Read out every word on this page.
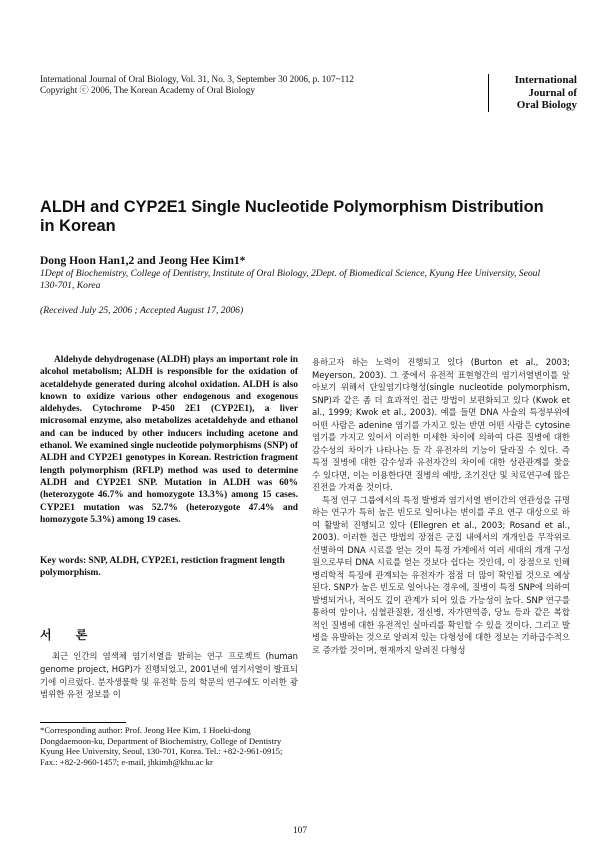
International Journal of Oral Biology, Vol. 31, No. 3, September 30 2006, p. 107~112
Copyright ⓒ 2006, The Korean Academy of Oral Biology
International
Journal of
Oral Biology
ALDH and CYP2E1 Single Nucleotide Polymorphism Distribution in Korean
Dong Hoon Han1,2 and Jeong Hee Kim1*
1Dept of Biochemistry, College of Dentistry, Institute of Oral Biology, 2Dept. of Biomedical Science, Kyung Hee University, Seoul 130-701, Korea
(Received July 25, 2006 ; Accepted August 17, 2006)
Aldehyde dehydrogenase (ALDH) plays an important role in alcohol metabolism; ALDH is responsible for the oxidation of acetaldehyde generated during alcohol oxidation. ALDH is also known to oxidize various other endogenous and exogenous aldehydes. Cytochrome P-450 2E1 (CYP2E1), a liver microsomal enzyme, also metabolizes acetaldehyde and ethanol and can be induced by other inducers including acetone and ethanol. We examined single nucleotide polymorphisms (SNP) of ALDH and CYP2E1 genotypes in Korean. Restriction fragment length polymorphism (RFLP) method was used to determine ALDH and CYP2E1 SNP. Mutation in ALDH was 60% (heterozygote 46.7% and homozygote 13.3%) among 15 cases. CYP2E1 mutation was 52.7% (heterozygote 47.4% and homozygote 5.3%) among 19 cases.
Key words: SNP, ALDH, CYP2E1, restiction fragment length polymorphism.
서 론
최근 인간의 염색체 염기서열을 밝히는 연구 프로젝트 (human genome project, HGP)가 진행되었고, 2001년에 염기서열이 발표되기에 이르렀다. 분자생물학 및 유전학 등의 학문의 연구에도 이러한 광범위한 유전 정보를 이
*Corresponding author: Prof. Jeong Hee Kim, 1 Hoeki-dong Dongdaemoon-ku, Department of Biochemistry, College of Dentistry Kyung Hee University, Seoul, 130-701, Korea. Tel.: +82-2-961-0915; Fax.: +82-2-960-1457; e-mail, jhkimh@khu.ac kr

용하고자 하는 노력이 진행되고 있다 (Burton et al., 2003; Meyerson, 2003). 그 중에서 유전적 표현형간의 염기서열변이를 알아보기 위해서 단일염기다형성(single nucleotide polymorphism, SNP)과 같은 좀 더 효과적인 접근 방법이 보편화되고 있다 (Kwok et al., 1999; Kwok et al., 2003). 예를 들면 DNA 사슬의 특정부위에 어떤 사람은 adenine 염기를 가지고 있는 반면 어떤 사람은 cytosine 염기를 가지고 있어서 이러한 미세한 차이에 의하여 다른 질병에 대한 감수성의 차이가 나타나는 등 각 유전자의 기능이 달라질 수 있다. 즉 특정 질병에 대한 감수성과 유전자간의 차이에 대한 상관관계를 찾을 수 있다면, 이는 이용한다면 질병의 예방, 조기진단 및 치료연구에 많은 진전을 가져올 것이다.

특정 연구 그룹에서의 특정 발병과 염기서열 변이간의 연관성을 규명하는 연구가 특히 높은 빈도로 일어나는 변이를 주요 연구 대상으로 하여 활발히 진행되고 있다 (Ellegren et al., 2003; Rosand et al., 2003). 이러한 접근 방법의 장점은 군집 내에서의 개개인을 무작위로 선별하여 DNA 시료를 얻는 것이 특정 가계에서 여러 세대의 개개 구성원으로부터 DNA 시료를 얻는 것보다 쉽다는 것인데, 이 장점으로 인해 병리학적 특징에 관계되는 유전자가 점점 더 많이 확인될 것으로 예상된다. SNP가 높은 빈도로 일어나는 경우에, 질병이 특정 SNP에 의하여 발병되거나, 적어도 깊이 관계가 되어 있을 가능성이 높다. SNP 연구를 통하여 암이나, 심혈관질환, 정신병, 자가면역증, 당뇨 등과 같은 복합적인 질병에 대한 유전적인 실마리를 확인할 수 있을 것이다. 그리고 발병을 유발하는 것으로 알려져 있는 다형성에 대한 정보는 기하급수적으로 증가할 것이며, 현재까지 알려진 다형성

107
